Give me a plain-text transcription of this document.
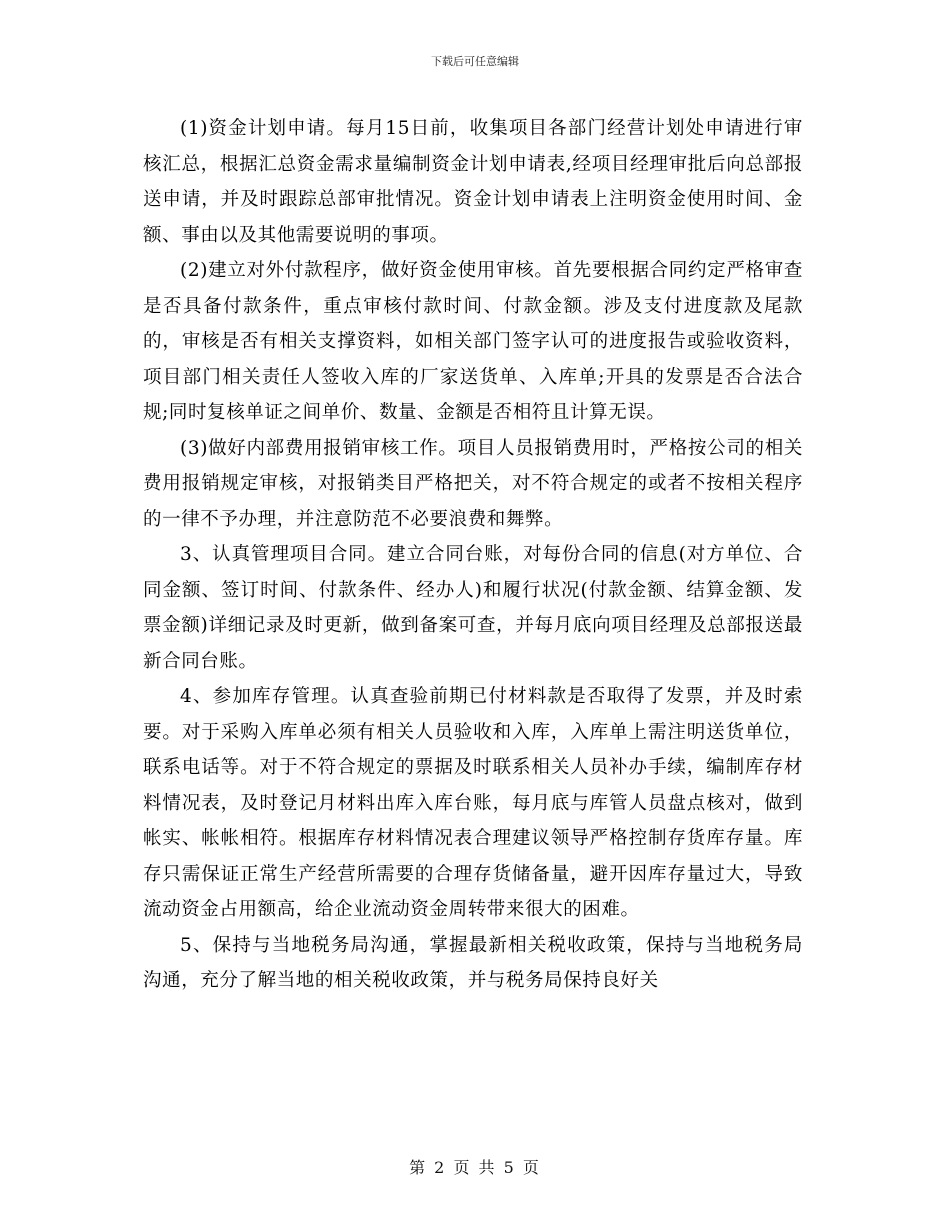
下载后可任意编辑

(1)资金计划申请。每月15日前，收集项目各部门经营计划处申请进行审核汇总，根据汇总资金需求量编制资金计划申请表,经项目经理审批后向总部报送申请，并及时跟踪总部审批情况。资金计划申请表上注明资金使用时间、金额、事由以及其他需要说明的事项。

(2)建立对外付款程序，做好资金使用审核。首先要根据合同约定严格审查是否具备付款条件，重点审核付款时间、付款金额。涉及支付进度款及尾款的，审核是否有相关支撑资料，如相关部门签字认可的进度报告或验收资料，项目部门相关责任人签收入库的厂家送货单、入库单;开具的发票是否合法合规;同时复核单证之间单价、数量、金额是否相符且计算无误。

(3)做好内部费用报销审核工作。项目人员报销费用时，严格按公司的相关费用报销规定审核，对报销类目严格把关，对不符合规定的或者不按相关程序的一律不予办理，并注意防范不必要浪费和舞弊。

3、认真管理项目合同。建立合同台账，对每份合同的信息(对方单位、合同金额、签订时间、付款条件、经办人)和履行状况(付款金额、结算金额、发票金额)详细记录及时更新，做到备案可查，并每月底向项目经理及总部报送最新合同台账。

4、参加库存管理。认真查验前期已付材料款是否取得了发票，并及时索要。对于采购入库单必须有相关人员验收和入库，入库单上需注明送货单位，联系电话等。对于不符合规定的票据及时联系相关人员补办手续，编制库存材料情况表，及时登记月材料出库入库台账，每月底与库管人员盘点核对，做到帐实、帐帐相符。根据库存材料情况表合理建议领导严格控制存货库存量。库存只需保证正常生产经营所需要的合理存货储备量，避开因库存量过大，导致流动资金占用额高，给企业流动资金周转带来很大的困难。

5、保持与当地税务局沟通，掌握最新相关税收政策，保持与当地税务局沟通，充分了解当地的相关税收政策，并与税务局保持良好关

第 2 页 共 5 页
